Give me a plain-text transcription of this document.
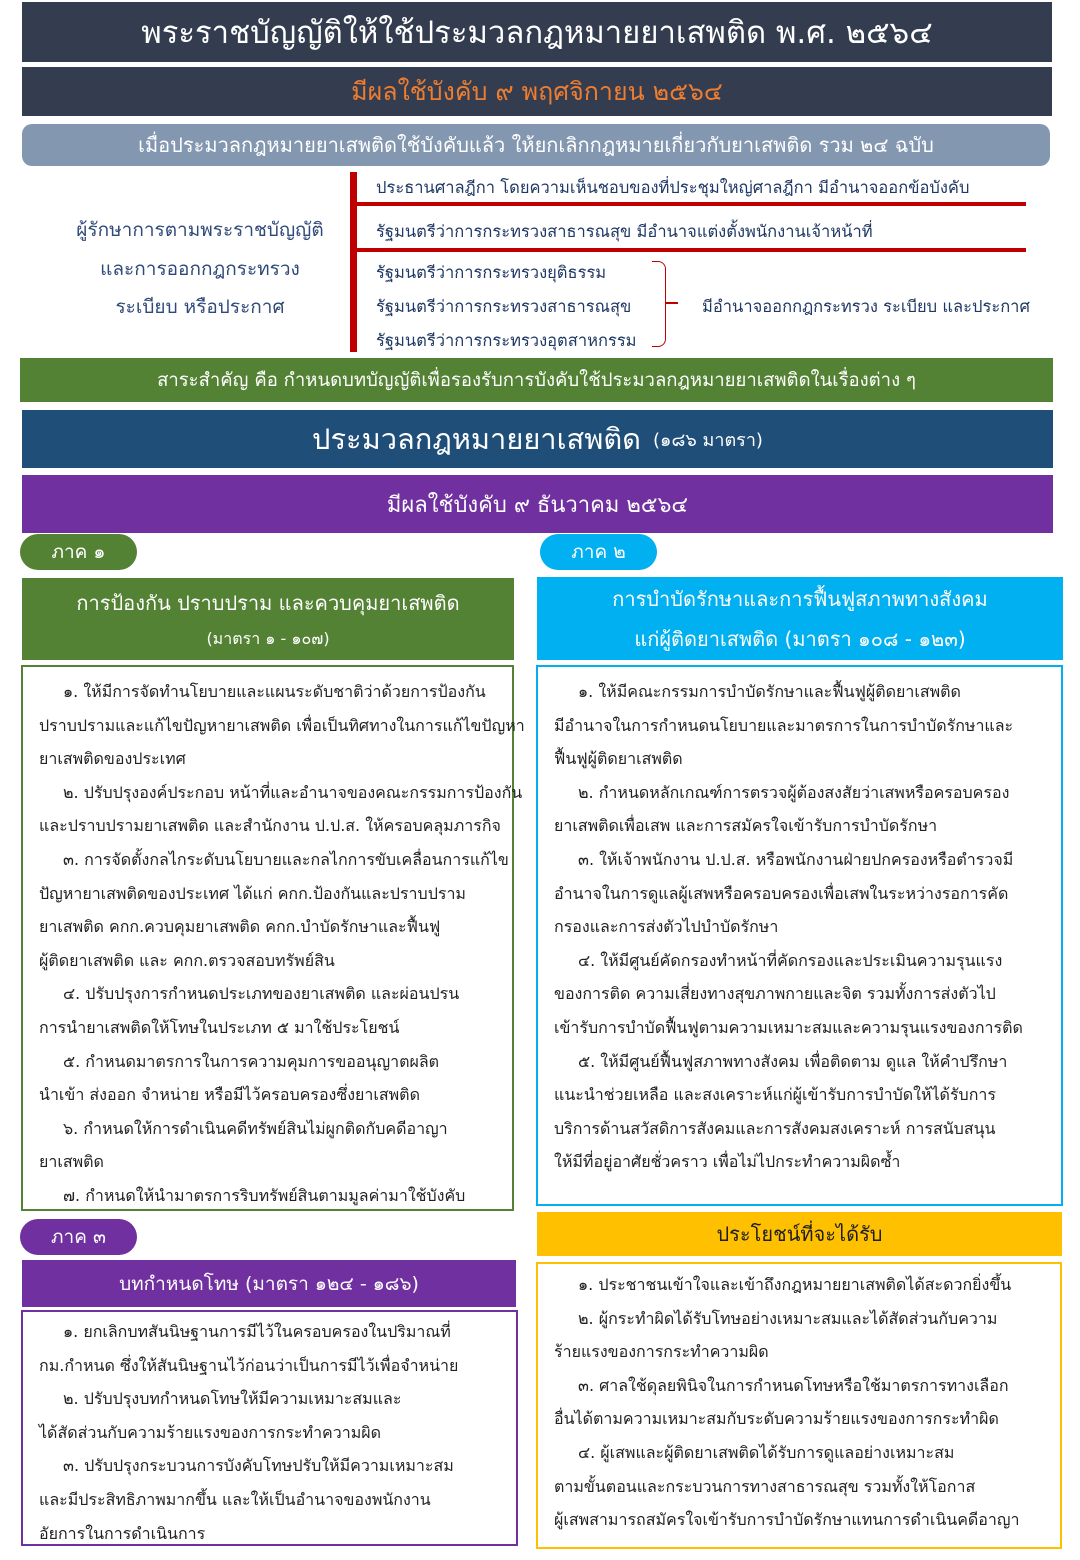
พระราชบัญญัติให้ใช้ประมวลกฎหมายยาเสพติด พ.ศ. ๒๕๖๔
มีผลใช้บังคับ ๙ พฤศจิกายน ๒๕๖๔
เมื่อประมวลกฎหมายยาเสพติดใช้บังคับแล้ว ให้ยกเลิกกฎหมายเกี่ยวกับยาเสพติด รวม ๒๔ ฉบับ
ผู้รักษาการตามพระราชบัญญัติ
และการออกกฎกระทรวง
ระเบียบ หรือประกาศ
ประธานศาลฎีกา โดยความเห็นชอบของที่ประชุมใหญ่ศาลฎีกา มีอำนาจออกข้อบังคับ
รัฐมนตรีว่าการกระทรวงสาธารณสุข มีอำนาจแต่งตั้งพนักงานเจ้าหน้าที่
รัฐมนตรีว่าการกระทรวงยุติธรรม
รัฐมนตรีว่าการกระทรวงสาธารณสุข
รัฐมนตรีว่าการกระทรวงอุตสาหกรรม
มีอำนาจออกกฎกระทรวง ระเบียบ และประกาศ
สาระสำคัญ คือ กำหนดบทบัญญัติเพื่อรองรับการบังคับใช้ประมวลกฎหมายยาเสพติดในเรื่องต่าง ๆ
ประมวลกฎหมายยาเสพติด (๑๘๖ มาตรา)
มีผลใช้บังคับ ๙ ธันวาคม ๒๕๖๔
ภาค ๑
การป้องกัน ปราบปราม และควบคุมยาเสพติด
(มาตรา ๑ - ๑๐๗)
๑. ให้มีการจัดทำนโยบายและแผนระดับชาติว่าด้วยการป้องกัน
ปราบปรามและแก้ไขปัญหายาเสพติด เพื่อเป็นทิศทางในการแก้ไขปัญหา
ยาเสพติดของประเทศ
๒. ปรับปรุงองค์ประกอบ หน้าที่และอำนาจของคณะกรรมการป้องกัน
และปราบปรามยาเสพติด และสำนักงาน ป.ป.ส. ให้ครอบคลุมภารกิจ
๓. การจัดตั้งกลไกระดับนโยบายและกลไกการขับเคลื่อนการแก้ไข
ปัญหายาเสพติดของประเทศ ได้แก่ คกก.ป้องกันและปราบปราม
ยาเสพติด คกก.ควบคุมยาเสพติด คกก.บำบัดรักษาและฟื้นฟู
ผู้ติดยาเสพติด และ คกก.ตรวจสอบทรัพย์สิน
๔. ปรับปรุงการกำหนดประเภทของยาเสพติด และผ่อนปรน
การนำยาเสพติดให้โทษในประเภท ๕ มาใช้ประโยชน์
๕. กำหนดมาตรการในการความคุมการขออนุญาตผลิต
นำเข้า ส่งออก จำหน่าย หรือมีไว้ครอบครองซึ่งยาเสพติด
๖. กำหนดให้การดำเนินคดีทรัพย์สินไม่ผูกติดกับคดีอาญา
ยาเสพติด
๗. กำหนดให้นำมาตรการริบทรัพย์สินตามมูลค่ามาใช้บังคับ
ภาค ๒
การบำบัดรักษาและการฟื้นฟูสภาพทางสังคม
แก่ผู้ติดยาเสพติด (มาตรา ๑๐๘ - ๑๒๓)
๑. ให้มีคณะกรรมการบำบัดรักษาและฟื้นฟูผู้ติดยาเสพติด
มีอำนาจในการกำหนดนโยบายและมาตรการในการบำบัดรักษาและ
ฟื้นฟูผู้ติดยาเสพติด
๒. กำหนดหลักเกณฑ์การตรวจผู้ต้องสงสัยว่าเสพหรือครอบครอง
ยาเสพติดเพื่อเสพ และการสมัครใจเข้ารับการบำบัดรักษา
๓. ให้เจ้าพนักงาน ป.ป.ส. หรือพนักงานฝ่ายปกครองหรือตำรวจมี
อำนาจในการดูแลผู้เสพหรือครอบครองเพื่อเสพในระหว่างรอการคัด
กรองและการส่งตัวไปบำบัดรักษา
๔. ให้มีศูนย์คัดกรองทำหน้าที่คัดกรองและประเมินความรุนแรง
ของการติด ความเสี่ยงทางสุขภาพกายและจิต รวมทั้งการส่งตัวไป
เข้ารับการบำบัดฟื้นฟูตามความเหมาะสมและความรุนแรงของการติด
๕. ให้มีศูนย์ฟื้นฟูสภาพทางสังคม เพื่อติดตาม ดูแล ให้คำปรึกษา
แนะนำช่วยเหลือ และสงเคราะห์แก่ผู้เข้ารับการบำบัดให้ได้รับการ
บริการด้านสวัสดิการสังคมและการสังคมสงเคราะห์ การสนับสนุน
ให้มีที่อยู่อาศัยชั่วคราว เพื่อไม่ไปกระทำความผิดซ้ำ
ภาค ๓
บทกำหนดโทษ (มาตรา ๑๒๔ - ๑๘๖)
๑. ยกเลิกบทสันนิษฐานการมีไว้ในครอบครองในปริมาณที่
กม.กำหนด ซึ่งให้สันนิษฐานไว้ก่อนว่าเป็นการมีไว้เพื่อจำหน่าย
๒. ปรับปรุงบทกำหนดโทษให้มีความเหมาะสมและ
ได้สัดส่วนกับความร้ายแรงของการกระทำความผิด
๓. ปรับปรุงกระบวนการบังคับโทษปรับให้มีความเหมาะสม
และมีประสิทธิภาพมากขึ้น และให้เป็นอำนาจของพนักงาน
อัยการในการดำเนินการ
ประโยชน์ที่จะได้รับ
๑. ประชาชนเข้าใจและเข้าถึงกฎหมายยาเสพติดได้สะดวกยิ่งขึ้น
๒. ผู้กระทำผิดได้รับโทษอย่างเหมาะสมและได้สัดส่วนกับความ
ร้ายแรงของการกระทำความผิด
๓. ศาลใช้ดุลยพินิจในการกำหนดโทษหรือใช้มาตรการทางเลือก
อื่นได้ตามความเหมาะสมกับระดับความร้ายแรงของการกระทำผิด
๔. ผู้เสพและผู้ติดยาเสพติดได้รับการดูแลอย่างเหมาะสม
ตามขั้นตอนและกระบวนการทางสาธารณสุข รวมทั้งให้โอกาส
ผู้เสพสามารถสมัครใจเข้ารับการบำบัดรักษาแทนการดำเนินคดีอาญา
